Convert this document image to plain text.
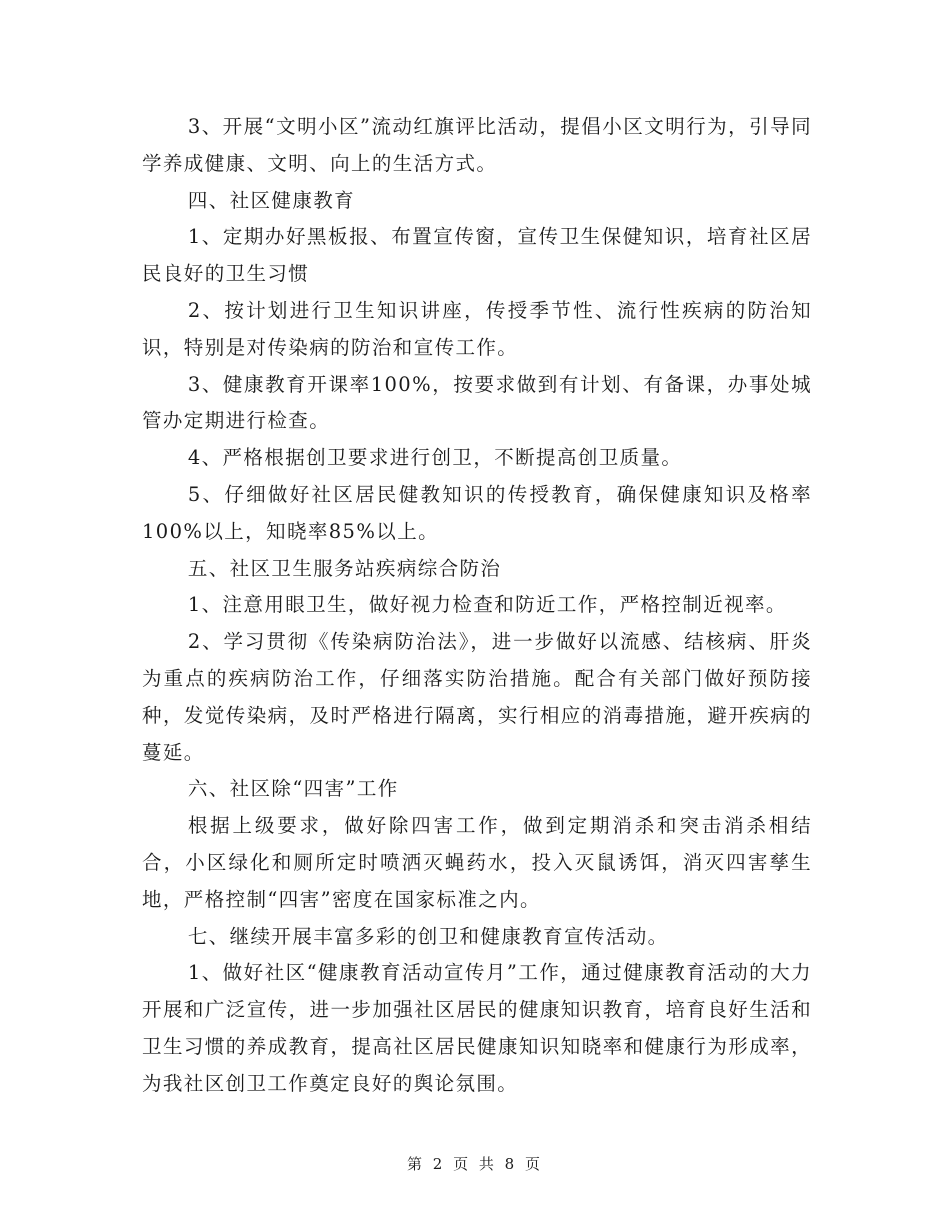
3、开展“文明小区”流动红旗评比活动，提倡小区文明行为，引导同学养成健康、文明、向上的生活方式。

四、社区健康教育

1、定期办好黑板报、布置宣传窗，宣传卫生保健知识，培育社区居民良好的卫生习惯

2、按计划进行卫生知识讲座，传授季节性、流行性疾病的防治知识，特别是对传染病的防治和宣传工作。

3、健康教育开课率100%，按要求做到有计划、有备课，办事处城管办定期进行检查。

4、严格根据创卫要求进行创卫，不断提高创卫质量。

5、仔细做好社区居民健教知识的传授教育，确保健康知识及格率100%以上，知晓率85%以上。

五、社区卫生服务站疾病综合防治

1、注意用眼卫生，做好视力检查和防近工作，严格控制近视率。

2、学习贯彻《传染病防治法》，进一步做好以流感、结核病、肝炎为重点的疾病防治工作，仔细落实防治措施。配合有关部门做好预防接种，发觉传染病，及时严格进行隔离，实行相应的消毒措施，避开疾病的蔓延。

六、社区除“四害”工作

根据上级要求，做好除四害工作，做到定期消杀和突击消杀相结合，小区绿化和厕所定时喷洒灭蝇药水，投入灭鼠诱饵，消灭四害孳生地，严格控制“四害”密度在国家标准之内。

七、继续开展丰富多彩的创卫和健康教育宣传活动。

1、做好社区“健康教育活动宣传月”工作，通过健康教育活动的大力开展和广泛宣传，进一步加强社区居民的健康知识教育，培育良好生活和卫生习惯的养成教育，提高社区居民健康知识知晓率和健康行为形成率，为我社区创卫工作奠定良好的舆论氛围。

第 2 页 共 8 页
